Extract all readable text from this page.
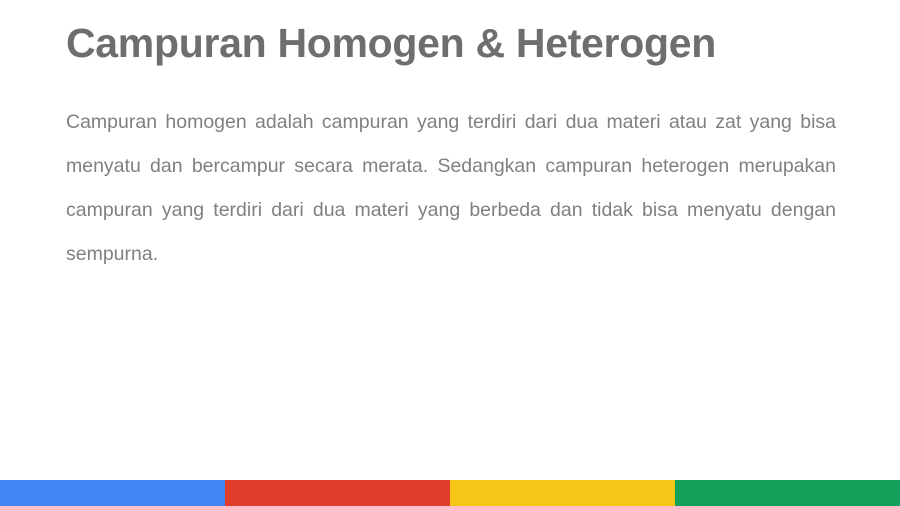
Campuran Homogen & Heterogen
Campuran homogen adalah campuran yang terdiri dari dua materi atau zat yang bisa menyatu dan bercampur secara merata. Sedangkan campuran heterogen merupakan campuran yang terdiri dari dua materi yang berbeda dan tidak bisa menyatu dengan sempurna.
